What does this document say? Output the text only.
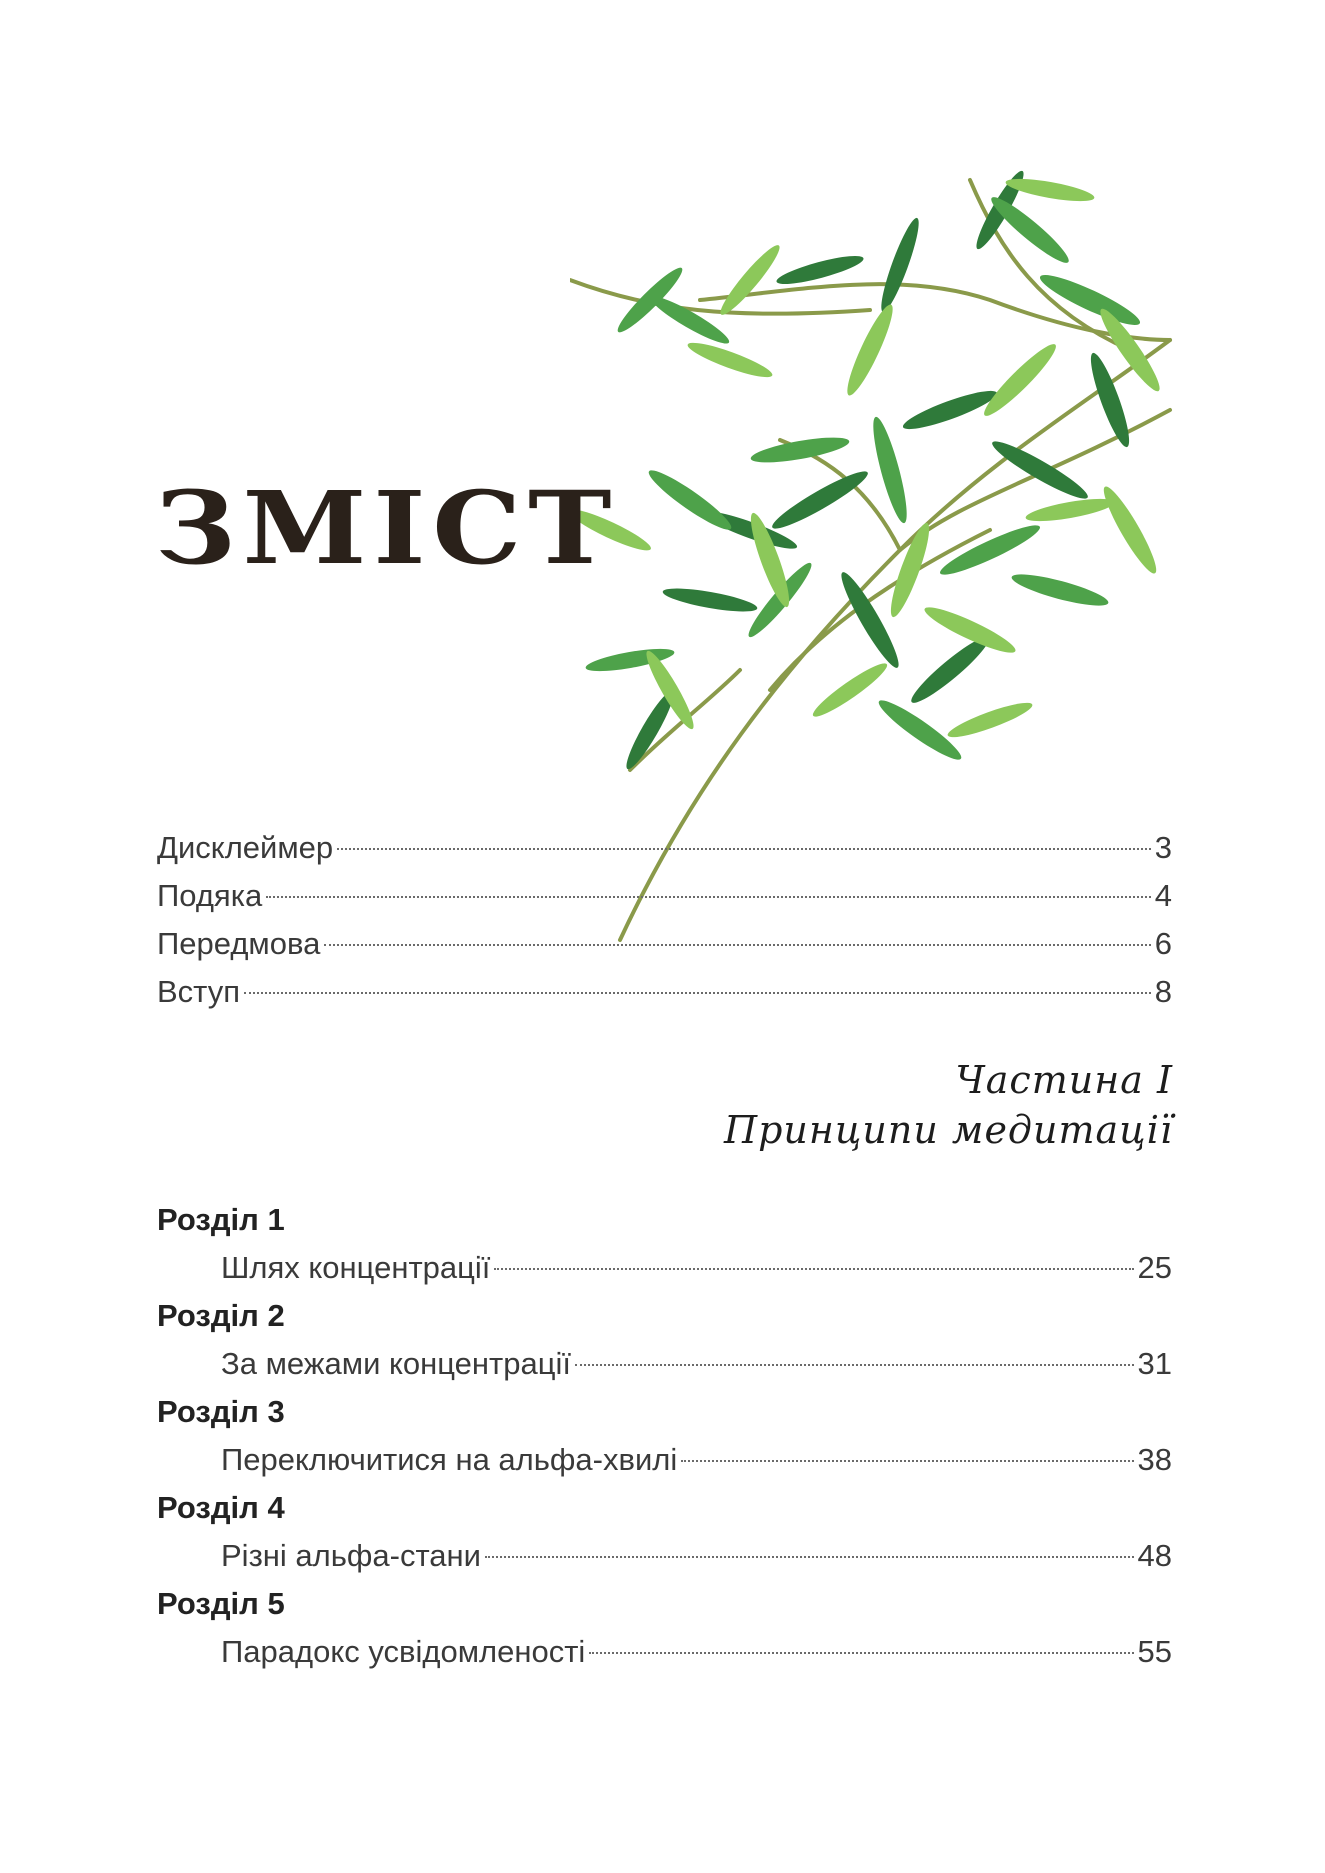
ЗМІСТ
Дисклеймер	3
Подяка	4
Передмова	6
Вступ	8
Частина І
Принципи медитації
Розділ 1
Шлях концентрації	25
Розділ 2
За межами концентрації	31
Розділ 3
Переключитися на альфа-хвилі	38
Розділ 4
Різні альфа-стани	48
Розділ 5
Парадокс усвідомленості	55
